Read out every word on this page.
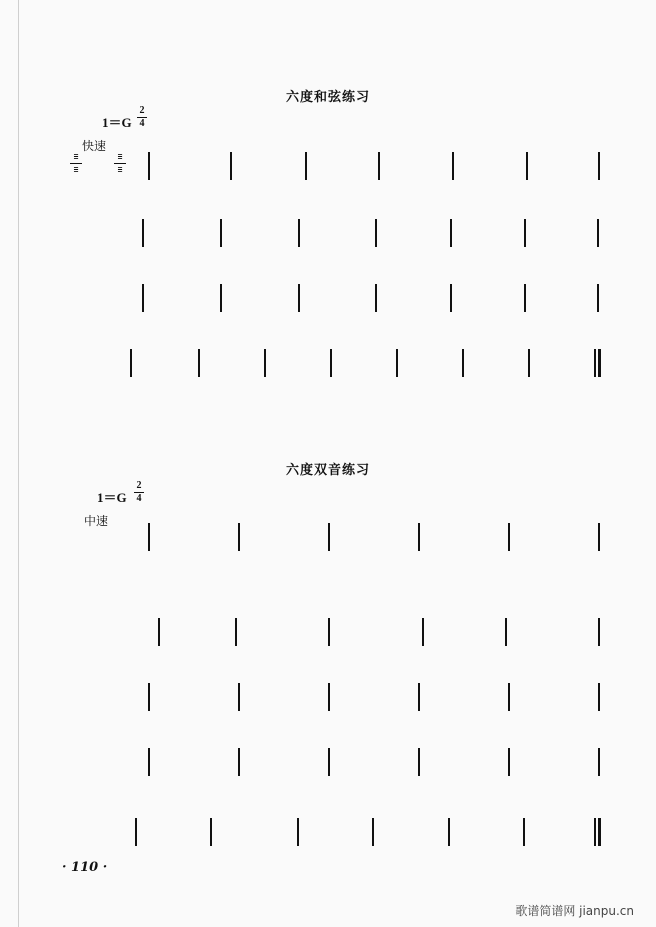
六度和弦练习
1＝G
2
4
快速
≡
≡
≡
≡
六度双音练习
1＝G
2
4
中速
· 110 ·
歌谱简谱网 jianpu.cn
